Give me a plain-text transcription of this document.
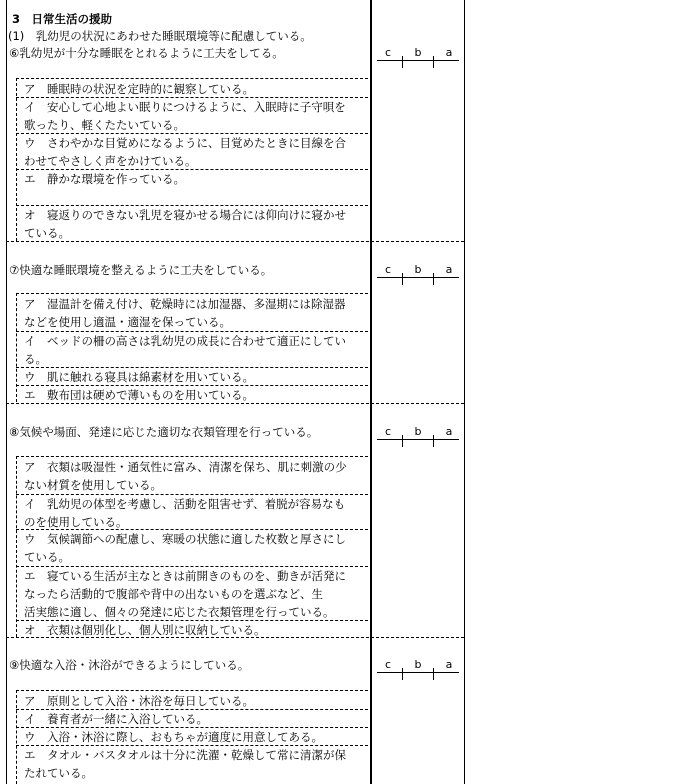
3　日常生活の援助
(1)　乳幼児の状況にあわせた睡眠環境等に配慮している。
⑥乳幼児が十分な睡眠をとれるように工夫をしてる。
ア　睡眠時の状況を定時的に観察している。
イ　安心して心地よい眠りにつけるように、入眠時に子守唄を
歌ったり、軽くたたいている。
ウ　さわやかな目覚めになるように、目覚めたときに目線を合
わせてやさしく声をかけている。
エ　静かな環境を作っている。
オ　寝返りのできない乳児を寝かせる場合には仰向けに寝かせ
ている。
c b a
⑦快適な睡眠環境を整えるように工夫をしている。
ア　湿温計を備え付け、乾燥時には加湿器、多湿期には除湿器
などを使用し適温・適湿を保っている。
イ　ベッドの柵の高さは乳幼児の成長に合わせて適正にしてい
る。
ウ　肌に触れる寝具は綿素材を用いている。
エ　敷布団は硬めで薄いものを用いている。
c b a
⑧気候や場面、発達に応じた適切な衣類管理を行っている。
ア　衣類は吸湿性・通気性に富み、清潔を保ち、肌に刺激の少
ない材質を使用している。
イ　乳幼児の体型を考慮し、活動を阻害せず、着脱が容易なも
のを使用している。
ウ　気候調節への配慮し、寒暖の状態に適した枚数と厚さにし
ている。
エ　寝ている生活が主なときは前開きのものを、動きが活発に
なったら活動的で腹部や背中の出ないものを選ぶなど、生
活実態に適し、個々の発達に応じた衣類管理を行っている。
オ　衣類は個別化し、個人別に収納している。
c b a
⑨快適な入浴・沐浴ができるようにしている。
ア　原則として入浴・沐浴を毎日している。
イ　養育者が一緒に入浴している。
ウ　入浴・沐浴に際し、おもちゃが適度に用意してある。
エ　タオル・バスタオルは十分に洗濯・乾燥して常に清潔が保
たれている。
c b a
